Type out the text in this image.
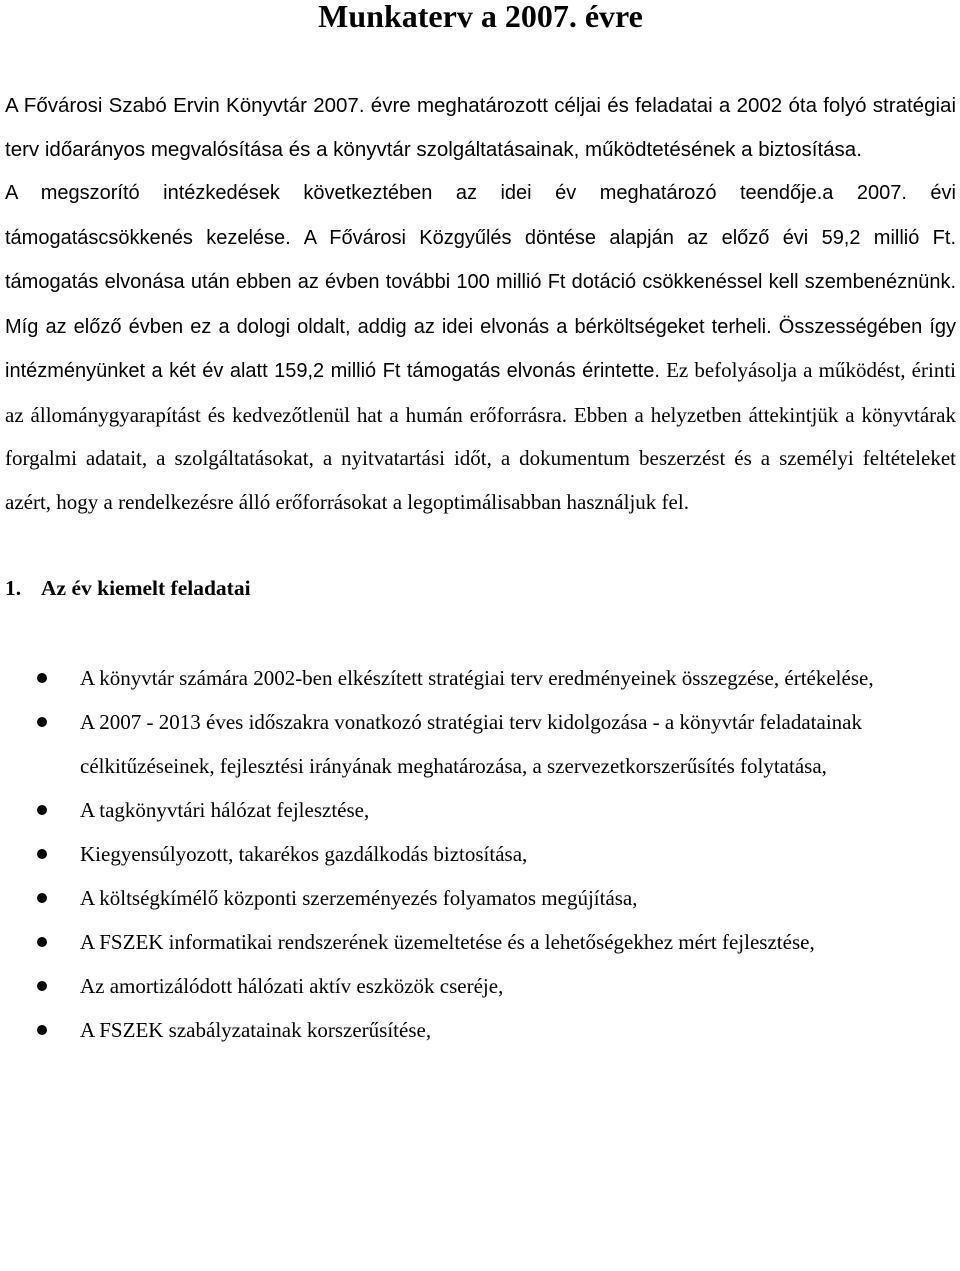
Munkaterv a 2007. évre
A Fővárosi Szabó Ervin Könyvtár 2007. évre meghatározott céljai és feladatai a 2002 óta folyó stratégiai terv időarányos megvalósítása és a könyvtár szolgáltatásainak, működtetésének a biztosítása.
A megszorító intézkedések következtében az idei év meghatározó teendője.a 2007. évi támogatáscsökkenés kezelése. A Fővárosi Közgyűlés döntése alapján az előző évi 59,2 millió Ft. támogatás elvonása után ebben az évben további 100 millió Ft dotáció csökkenéssel kell szembenéznünk. Míg az előző évben ez a dologi oldalt, addig az idei elvonás a bérköltségeket terheli. Összességében így intézményünket a két év alatt 159,2 millió Ft támogatás elvonás érintette. Ez befolyásolja a működést, érinti az állománygyarapítást és kedvezőtlenül hat a humán erőforrásra. Ebben a helyzetben áttekintjük a könyvtárak forgalmi adatait, a szolgáltatásokat, a nyitvatartási időt, a dokumentum beszerzést és a személyi feltételeket azért, hogy a rendelkezésre álló erőforrásokat a legoptimálisabban használjuk fel.
1. Az év kiemelt feladatai
A könyvtár számára 2002-ben elkészített stratégiai terv eredményeinek összegzése, értékelése,
A 2007 - 2013 éves időszakra vonatkozó stratégiai terv kidolgozása - a könyvtár feladatainak célkitűzéseinek, fejlesztési irányának meghatározása, a szervezetkorszerűsítés folytatása,
A tagkönyvtári hálózat fejlesztése,
Kiegyensúlyozott, takarékos gazdálkodás biztosítása,
A költségkímélő központi szerzeményezés folyamatos megújítása,
A FSZEK informatikai rendszerének üzemeltetése és a lehetőségekhez mért fejlesztése,
Az amortizálódott hálózati aktív eszközök cseréje,
A FSZEK szabályzatainak korszerűsítése,
